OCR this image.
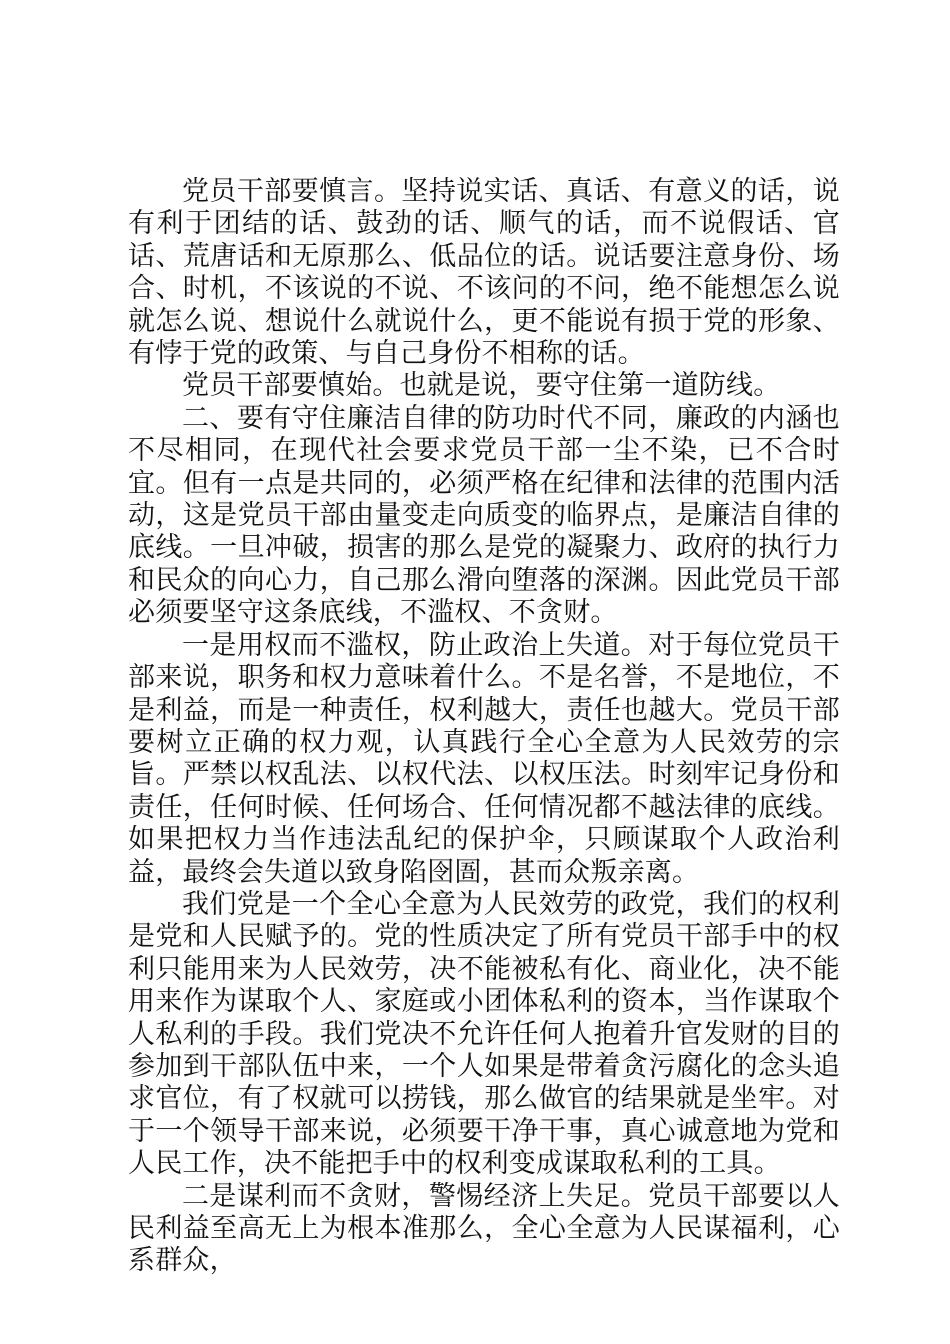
党员干部要慎言。坚持说实话、真话、有意义的话，说有利于团结的话、鼓劲的话、顺气的话，而不说假话、官话、荒唐话和无原那么、低品位的话。说话要注意身份、场合、时机，不该说的不说、不该问的不问，绝不能想怎么说就怎么说、想说什么就说什么，更不能说有损于党的形象、有悖于党的政策、与自己身份不相称的话。

党员干部要慎始。也就是说，要守住第一道防线。

二、要有守住廉洁自律的防功时代不同，廉政的内涵也不尽相同，在现代社会要求党员干部一尘不染，已不合时宜。但有一点是共同的，必须严格在纪律和法律的范围内活动，这是党员干部由量变走向质变的临界点，是廉洁自律的底线。一旦冲破，损害的那么是党的凝聚力、政府的执行力和民众的向心力，自己那么滑向堕落的深渊。因此党员干部必须要坚守这条底线，不滥权、不贪财。

一是用权而不滥权，防止政治上失道。对于每位党员干部来说，职务和权力意味着什么。不是名誉，不是地位，不是利益，而是一种责任，权利越大，责任也越大。党员干部要树立正确的权力观，认真践行全心全意为人民效劳的宗旨。严禁以权乱法、以权代法、以权压法。时刻牢记身份和责任，任何时候、任何场合、任何情况都不越法律的底线。如果把权力当作违法乱纪的保护伞，只顾谋取个人政治利益，最终会失道以致身陷囹圄，甚而众叛亲离。

我们党是一个全心全意为人民效劳的政党，我们的权利是党和人民赋予的。党的性质决定了所有党员干部手中的权利只能用来为人民效劳，决不能被私有化、商业化，决不能用来作为谋取个人、家庭或小团体私利的资本，当作谋取个人私利的手段。我们党决不允许任何人抱着升官发财的目的参加到干部队伍中来，一个人如果是带着贪污腐化的念头追求官位，有了权就可以捞钱，那么做官的结果就是坐牢。对于一个领导干部来说，必须要干净干事，真心诚意地为党和人民工作，决不能把手中的权利变成谋取私利的工具。

二是谋利而不贪财，警惕经济上失足。党员干部要以人民利益至高无上为根本准那么，全心全意为人民谋福利，心系群众，
